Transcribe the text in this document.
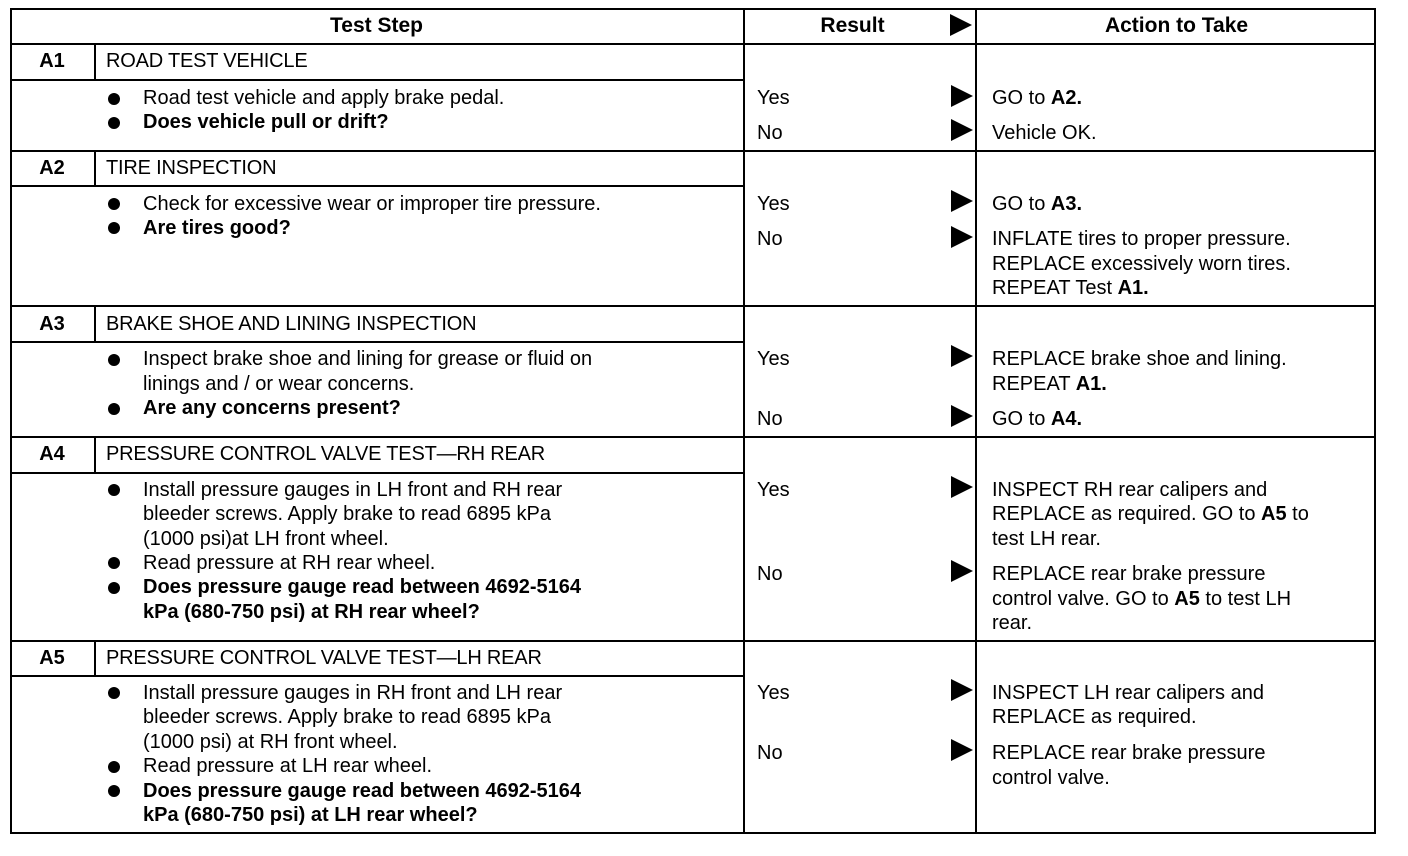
Test Step	Result	Action to Take
A1	ROAD TEST VEHICLE
Road test vehicle and apply brake pedal.
Does vehicle pull or drift?
Yes	GO to A2.
No	Vehicle OK.
A2	TIRE INSPECTION
Check for excessive wear or improper tire pressure.
Are tires good?
Yes	GO to A3.
No	INFLATE tires to proper pressure.
REPLACE excessively worn tires.
REPEAT Test A1.
A3	BRAKE SHOE AND LINING INSPECTION
Inspect brake shoe and lining for grease or fluid on
linings and / or wear concerns.
Are any concerns present?
Yes	REPLACE brake shoe and lining.
REPEAT A1.
No	GO to A4.
A4	PRESSURE CONTROL VALVE TEST—RH REAR
Install pressure gauges in LH front and RH rear
bleeder screws. Apply brake to read 6895 kPa
(1000 psi)at LH front wheel.
Read pressure at RH rear wheel.
Does pressure gauge read between 4692-5164
kPa (680-750 psi) at RH rear wheel?
Yes	INSPECT RH rear calipers and
REPLACE as required. GO to A5 to
test LH rear.
No	REPLACE rear brake pressure
control valve. GO to A5 to test LH
rear.
A5	PRESSURE CONTROL VALVE TEST—LH REAR
Install pressure gauges in RH front and LH rear
bleeder screws. Apply brake to read 6895 kPa
(1000 psi) at RH front wheel.
Read pressure at LH rear wheel.
Does pressure gauge read between 4692-5164
kPa (680-750 psi) at LH rear wheel?
Yes	INSPECT LH rear calipers and
REPLACE as required.
No	REPLACE rear brake pressure
control valve.
